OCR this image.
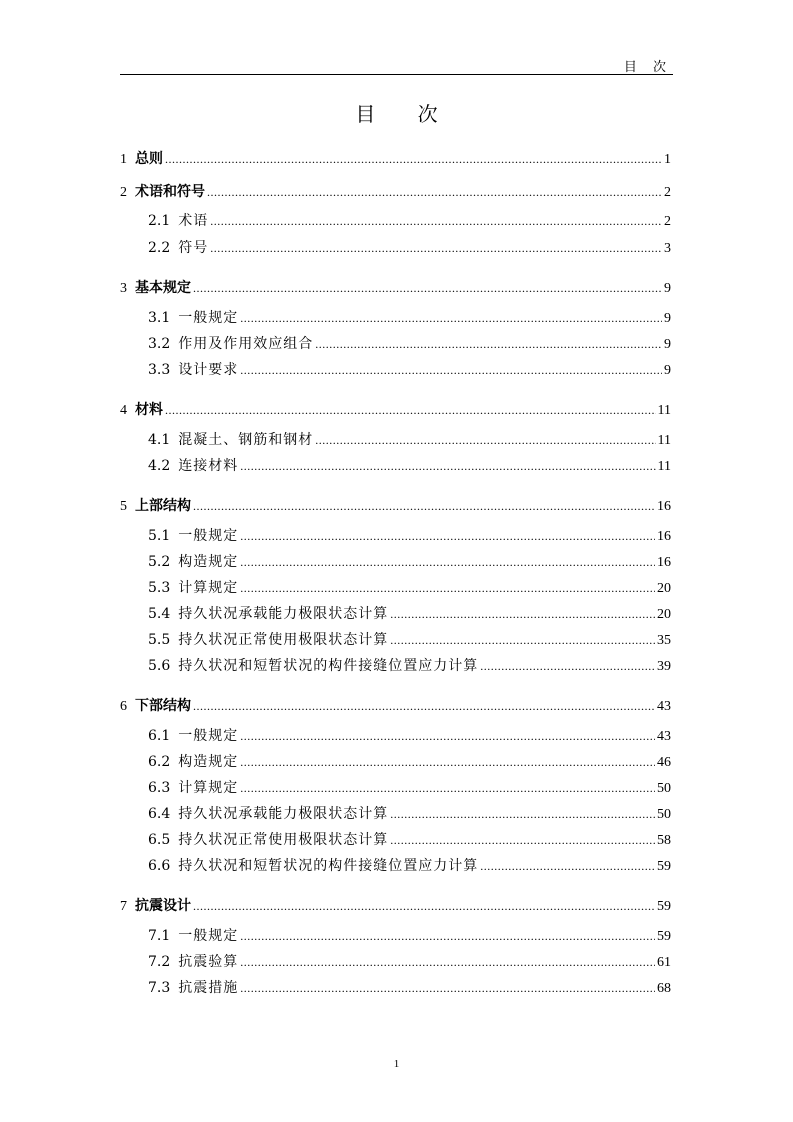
目 次
目 次
1 总则 .....	1
2 术语和符号 .....	2
2.1 术语 .....	2
2.2 符号 .....	3
3 基本规定 .....	9
3.1 一般规定 .....	9
3.2 作用及作用效应组合 .....	9
3.3 设计要求 .....	9
4 材料 .....	11
4.1 混凝土、钢筋和钢材 .....	11
4.2 连接材料 .....	11
5 上部结构 .....	16
5.1 一般规定 .....	16
5.2 构造规定 .....	16
5.3 计算规定 .....	20
5.4 持久状况承载能力极限状态计算 .....	20
5.5 持久状况正常使用极限状态计算 .....	35
5.6 持久状况和短暂状况的构件接缝位置应力计算 .....	39
6 下部结构 .....	43
6.1 一般规定 .....	43
6.2 构造规定 .....	46
6.3 计算规定 .....	50
6.4 持久状况承载能力极限状态计算 .....	50
6.5 持久状况正常使用极限状态计算 .....	58
6.6 持久状况和短暂状况的构件接缝位置应力计算 .....	59
7 抗震设计 .....	59
7.1 一般规定 .....	59
7.2 抗震验算 .....	61
7.3 抗震措施 .....	68
1
